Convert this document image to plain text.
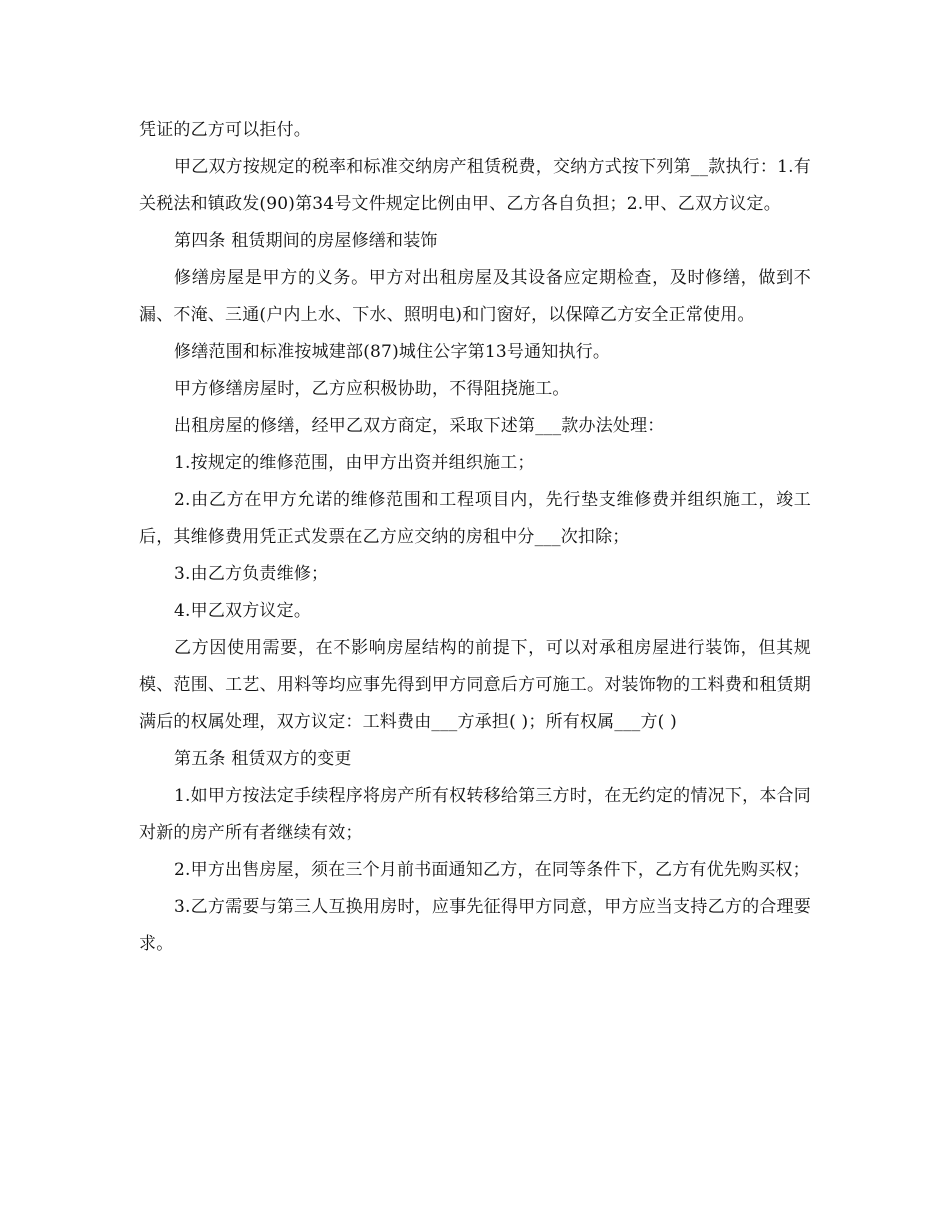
凭证的乙方可以拒付。

甲乙双方按规定的税率和标准交纳房产租赁税费，交纳方式按下列第__款执行：1.有关税法和镇政发(90)第34号文件规定比例由甲、乙方各自负担；2.甲、乙双方议定。

第四条 租赁期间的房屋修缮和装饰

修缮房屋是甲方的义务。甲方对出租房屋及其设备应定期检查，及时修缮，做到不漏、不淹、三通(户内上水、下水、照明电)和门窗好，以保障乙方安全正常使用。

修缮范围和标准按城建部(87)城住公字第13号通知执行。

甲方修缮房屋时，乙方应积极协助，不得阻挠施工。

出租房屋的修缮，经甲乙双方商定，采取下述第___款办法处理：

1.按规定的维修范围，由甲方出资并组织施工；

2.由乙方在甲方允诺的维修范围和工程项目内，先行垫支维修费并组织施工，竣工后，其维修费用凭正式发票在乙方应交纳的房租中分___次扣除；

3.由乙方负责维修；

4.甲乙双方议定。

乙方因使用需要，在不影响房屋结构的前提下，可以对承租房屋进行装饰，但其规模、范围、工艺、用料等均应事先得到甲方同意后方可施工。对装饰物的工料费和租赁期满后的权属处理，双方议定：工料费由___方承担( )；所有权属___方( )

第五条 租赁双方的变更

1.如甲方按法定手续程序将房产所有权转移给第三方时，在无约定的情况下，本合同对新的房产所有者继续有效；

2.甲方出售房屋，须在三个月前书面通知乙方，在同等条件下，乙方有优先购买权；

3.乙方需要与第三人互换用房时，应事先征得甲方同意，甲方应当支持乙方的合理要求。
